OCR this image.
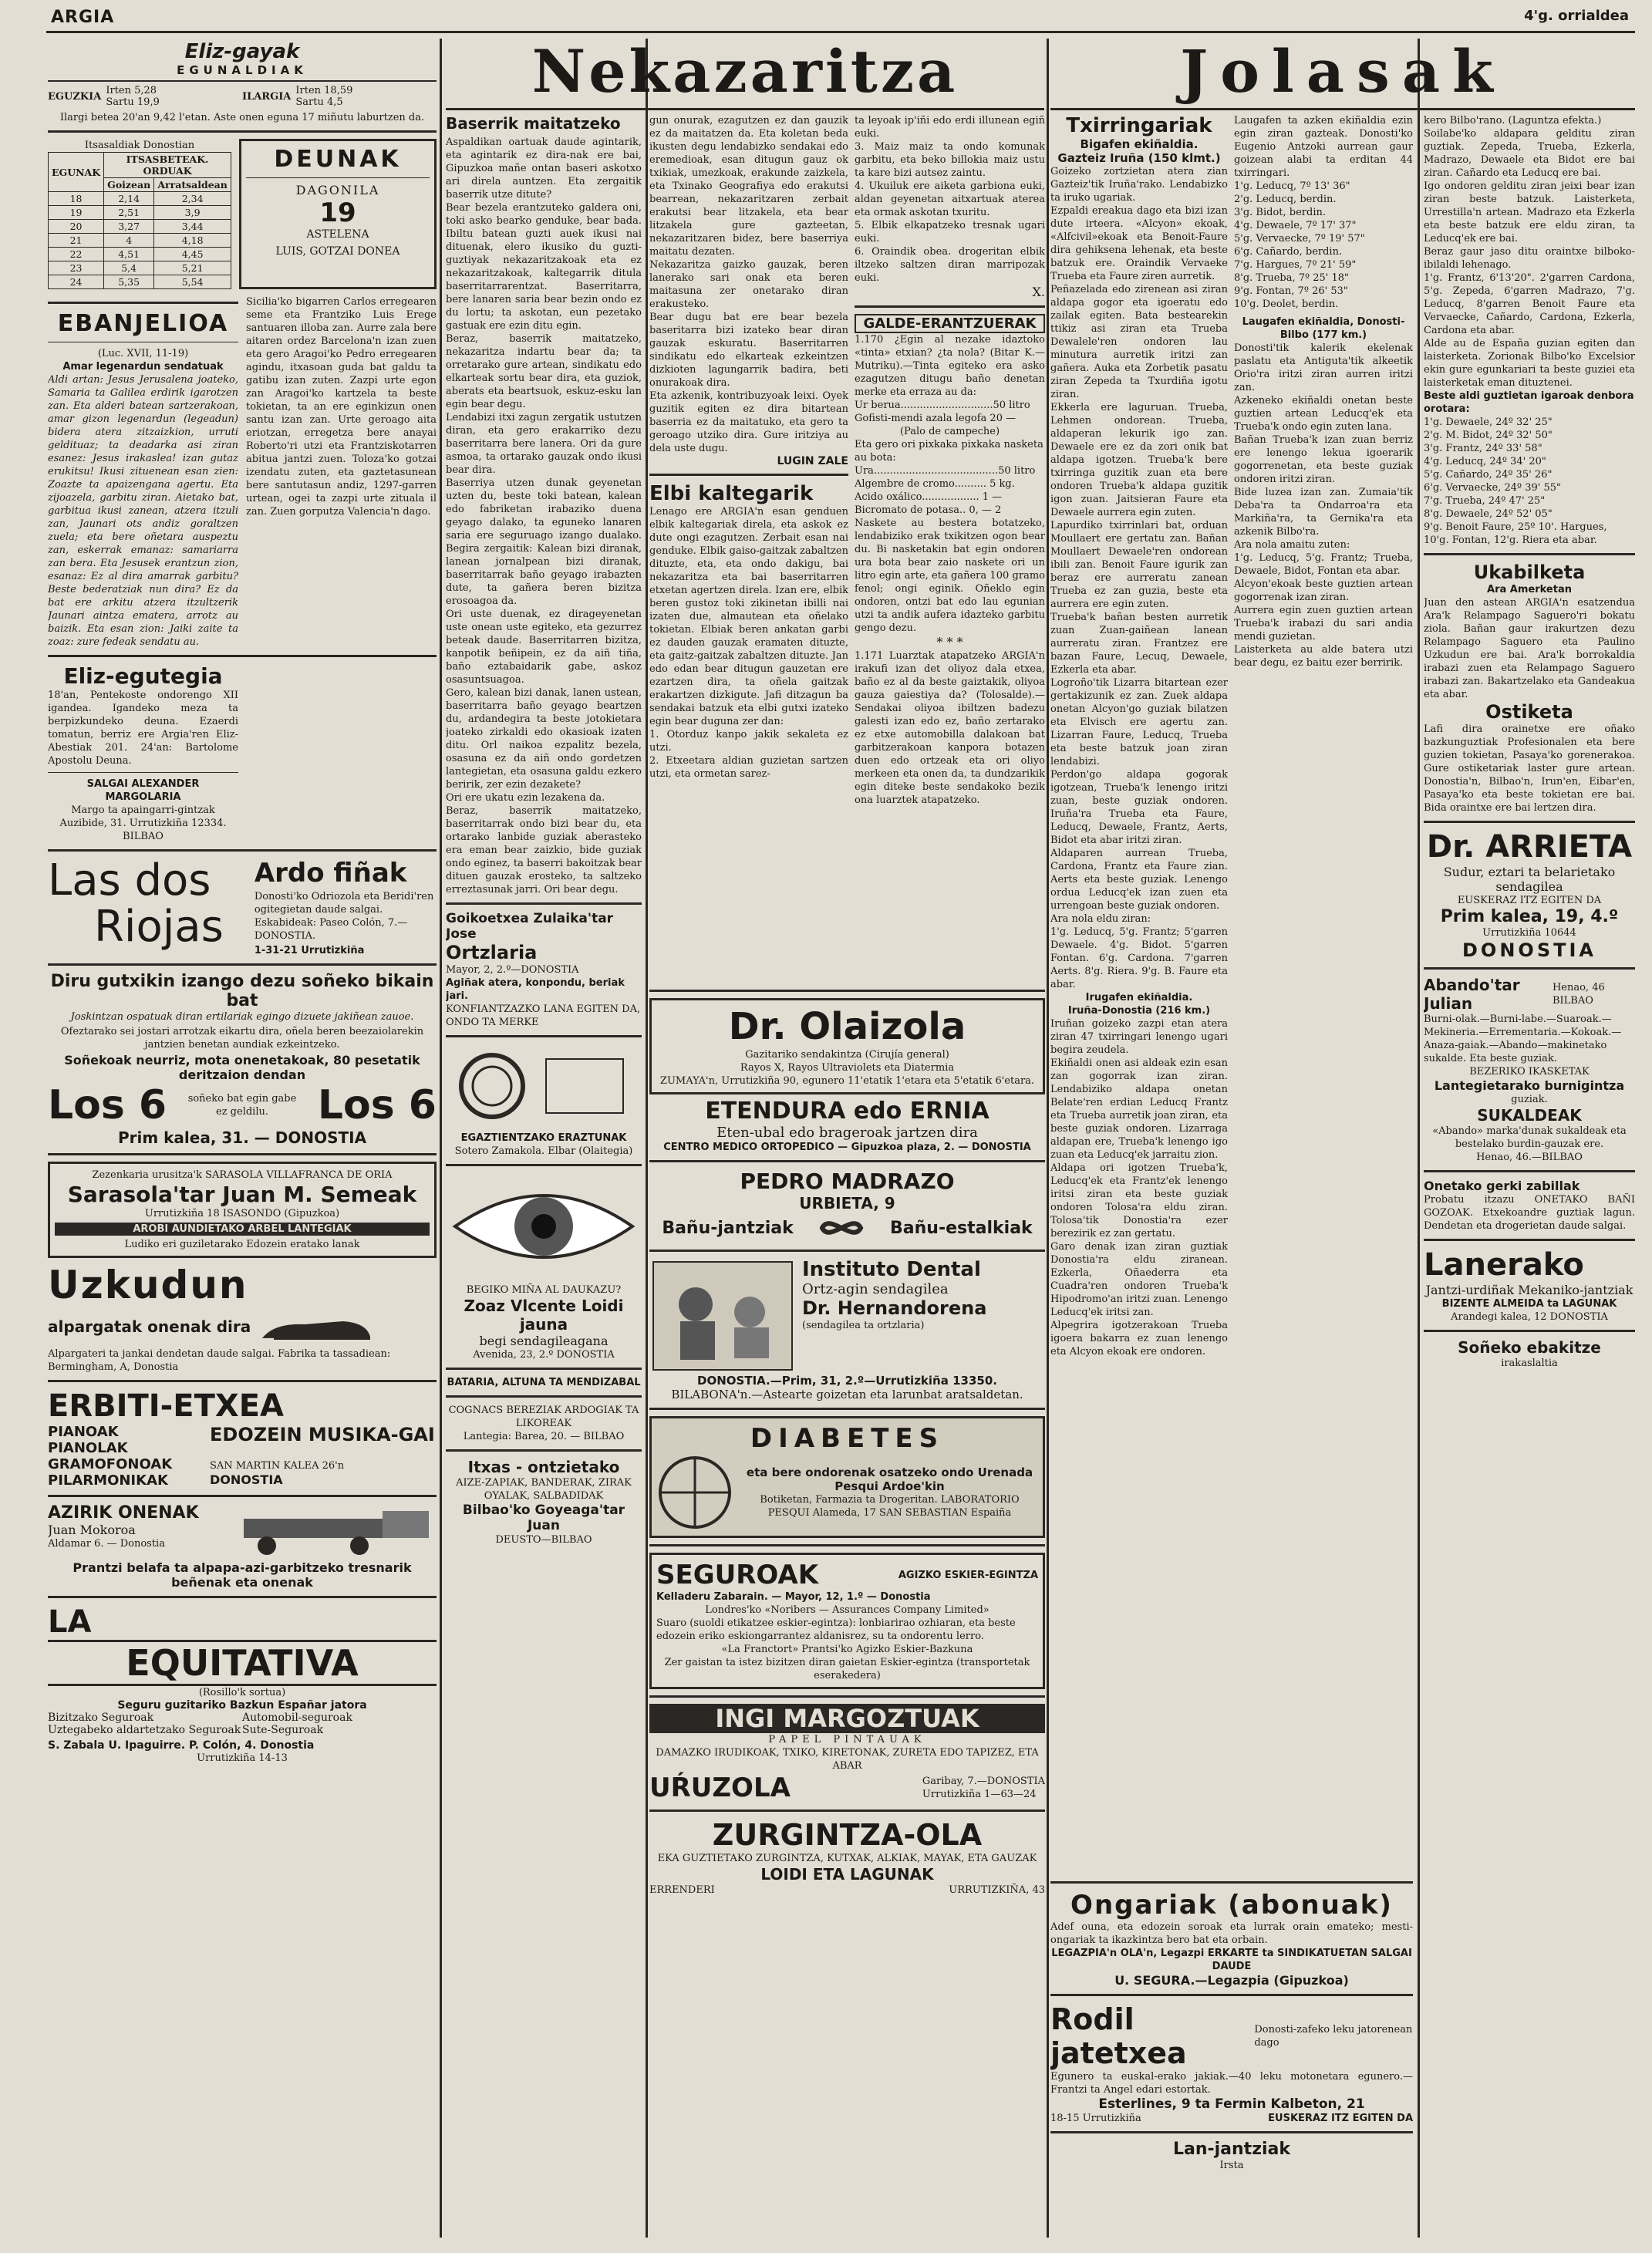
ARGIA	4'g. orrialdea
Eliz-gayak
EGUNALDIAK
EGUZKIA Irten 5,28
Sartu 19,9	ILARGIA Irten 18,59
Sartu 4,5
Ilargi betea 20'an 9,42 l'etan. Aste onen eguna 17 miñutu laburtzen da.
Itsasaldiak Donostian
EGUNAK	ITSASBETEAK. ORDUAK	
	Goizean	Arratsaldean
18	2,14	2,34
19	2,51	3,9
20	3,27	3,44
21	4	4,18
22	4,51	4,45
23	5,4	5,21
24	5,35	5,54
DEUNAK
DAGONILA
19
ASTELENA
LUIS, GOTZAI DONEA
EBANJELIOA
(Luc. XVII, 11-19)
Amar legenardun sendatuak

Aldi artan: Jesus Jerusalena joateko, Samaria ta Galilea erdirik igarotzen zan. Eta alderi batean sartzerakoan, amar gizon legenardun (legeadun) bidera atera zitzaizkion, urruti geldituaz; ta deadarka asi ziran esanez: Jesus irakaslea! izan gutaz erukitsu! Ikusi zituenean esan zien: Zoazte ta apaizengana agertu. Eta zijoazela, garbitu ziran. Aietako bat, garbitua ikusi zanean, atzera itzuli zan, Jaunari ots andiz goraltzen zuela; eta bere oñetara auspeztu zan, eskerrak emanaz: samariarra zan bera. Eta Jesusek erantzun zion, esanaz: Ez al dira amarrak garbitu? Beste bederatziak nun dira? Ez da bat ere arkitu atzera itzultzerik Jaunari aintza ematera, arrotz au baizik. Eta esan zion: Jaiki zaite ta zoaz: zure fedeak sendatu au.

Sicilia'ko bigarren Carlos erregearen seme eta Frantziko Luis Erege santuaren illoba zan. Aurre zala bere aitaren ordez Barcelona'n izan zuen eta gero Aragoi'ko Pedro erregearen agindu, itxasoan guda bat galdu ta gatibu izan zuten. Zazpi urte egon zan Aragoi'ko kartzela ta beste tokietan, ta an ere eginkizun onen santu izan zan. Urte geroago aita eriotzan, erregetza bere anayai Roberto'ri utzi eta Frantziskotarren abitua jantzi zuen. Toloza'ko gotzai izendatu zuten, eta gaztetasunean bere santutasun andiz, 1297-garren urtean, ogei ta zazpi urte zituala il zan. Zuen gorputza Valencia'n dago.

Eliz-egutegia

18'an, Pentekoste ondorengo XII igandea. Igandeko meza ta berpizkundeko deuna. Ezaerdi tomatun, berriz ere Argia'ren Eliz-Abestiak 201. 24'an: Bartolome Apostolu Deuna.

SALGAI ALEXANDER MARGOLARIA
Margo ta apaingarri-gintzak Auzibide, 31. Urrutizkiña 12334. BILBAO
Las dos
Riojas
Ardo fiñak

Donosti'ko Odriozola eta Beridi'ren ogitegietan daude salgai. Eskabideak: Paseo Colón, 7.—DONOSTIA.

1-31-21 Urrutizkiña
Diru gutxikin izango dezu soñeko bikain bat
Joskintzan ospatuak diran ertilariak egingo dizuete jakiñean zauoe.

Ofeztarako sei jostari arrotzak eikartu dira, oñela beren beezaiolarekin jantzien benetan aundiak ezkeintzeko.

Soñekoak neurriz, mota onenetakoak, 80 pesetatik deritzaion dendan
Los 6	soñeko bat egin gabe ez geldilu.	Los 6
Prim kalea, 31. — DONOSTIA
Zezenkaria urusitza'k SARASOLA VILLAFRANCA DE ORIA
Sarasola'tar Juan M. Semeak
Urrutizkiña 18 ISASONDO (Gipuzkoa)
AROBI AUNDIETAKO ARBEL LANTEGIAK
Ludiko eri guziletarako Edozein eratako lanak
Uzkudun
alpargatak onenak dira

Alpargateri ta jankai dendetan daude salgai. Fabrika ta tassadiean: Bermingham, A, Donostia

ERBITI-ETXEA
PIANOAK
PIANOLAK
GRAMOFONOAK
PILARMONIKAK
EDOZEIN MUSIKA-GAI
SAN MARTIN KALEA 26'n
DONOSTIA
AZIRIK ONENAK
Juan Mokoroa
Aldamar 6. — Donostia
Prantzi belafa ta alpapa-azi-garbitzeko tresnarik beñenak eta onenak
LA
EQUITATIVA
(Rosillo'k sortua)
Seguru guzitariko Bazkun Españar jatora
Bizitzako Seguroak	Automobil-seguroak
Uztegabeko aldartetzako Seguroak Sute-Seguroak
S. Zabala U. Ipaguirre. P. Colón, 4. Donostia
Urrutizkiña 14-13
Nekazaritza
Baserrik maitatzeko

Aspaldikan oartuak daude agintarik, eta agintarik ez dira-nak ere bai, Gipuzkoa mañe ontan baseri askotxo ari direla auntzen. Eta zergaitik baserrik utze ditute?

Bear bezela erantzuteko galdera oni, toki asko bearko genduke, bear bada. Ibiltu batean guzti auek ikusi nai dituenak, elero ikusiko du guzti-guztiyak nekazaritzakoak eta ez nekazaritzakoak, kaltegarrik ditula baserritarrarentzat. Baserritarra, bere lanaren saria bear bezin ondo ez du lortu; ta askotan, eun pezetako gastuak ere ezin ditu egin.

Beraz, baserrik maitatzeko, nekazaritza indartu bear da; ta orretarako gure artean, sindikatu edo elkarteak sortu bear dira, eta guziok, aberats eta beartsuok, eskuz-esku lan egin bear degu.

Lendabizi itxi zagun zergatik ustutzen diran, eta gero erakarriko dezu baserritarra bere lanera. Ori da gure asmoa, ta ortarako gauzak ondo ikusi bear dira.

Baserriya utzen dunak geyenetan uzten du, beste toki batean, kalean edo fabriketan irabaziko duena geyago dalako, ta eguneko lanaren saria ere seguruago izango dualako. Begira zergaitik: Kalean bizi diranak, lanean jornalpean bizi diranak, baserritarrak baño geyago irabazten dute, ta gañera beren bizitza erosoagoa da.

Ori uste duenak, ez dirageyenetan uste onean uste egiteko, eta gezurrez beteak daude. Baserritarren bizitza, kanpotik beñipein, ez da aiñ tiña, baño eztabaidarik gabe, askoz osasuntsuagoa.

Gero, kalean bizi danak, lanen ustean, baserritarra baño geyago beartzen du, ardandegira ta beste jotokietara joateko zirkaldi edo okasioak izaten ditu. Orl naikoa ezpalitz bezela, osasuna ez da aiñ ondo gordetzen lantegietan, eta osasuna galdu ezkero beririk, zer ezin dezakete?

Ori ere ukatu ezin lezakena da.

Beraz, baserrik maitatzeko, baserritarrak ondo bizi bear du, eta ortarako lanbide guziak aberasteko era eman bear zaizkio, bide guziak ondo eginez, ta baserri bakoitzak bear dituen gauzak erosteko, ta saltzeko erreztasunak jarri. Ori bear degu.

Goikoetxea Zulaika'tar Jose
Ortzlaria
Mayor, 2, 2.º—DONOSTIA
Agiñak atera, konpondu, beriak jari.
KONFIANTZAZKO LANA EGITEN DA, ONDO TA MERKE
EGAZTIENTZAKO ERAZTUNAK
Sotero Zamakola. Elbar (Olaitegia)
BEGIKO MIÑA AL DAUKAZU?
Zoaz Vlcente Loidi jauna
begi sendagileagana
Avenida, 23, 2.º DONOSTIA
BATARIA, ALTUNA TA MENDIZABAL
COGNACS BEREZIAK ARDOGIAK TA LIKOREAK
Lantegia: Barea, 20. — BILBAO
Itxas - ontzietako
AIZE-ZAPIAK, BANDERAK, ZIRAK OYALAK, SALBADIDAK
Bilbao'ko Goyeaga'tar Juan
DEUSTO—BILBAO

gun onurak, ezagutzen ez dan gauzik ez da maitatzen da. Eta koletan beda ikusten degu lendabizko sendakai edo eremedioak, esan ditugun gauz ok txikiak, umezkoak, erakunde zaizkela, eta Txinako Geografiya edo erakutsi bearrean, nekazaritzaren zerbait erakutsi bear litzakela, eta bear litzakela gure gazteetan, nekazaritzaren bidez, bere baserriya maitatu dezaten.

Nekazaritza gaizko gauzak, beren lanerako sari onak eta beren maitasuna zer onetarako diran erakusteko.

Bear dugu bat ere bear bezela baseritarra bizi izateko bear diran gauzak eskuratu. Baserritarren sindikatu edo elkarteak ezkeintzen dizkioten lagungarrik badira, beti onurakoak dira.

Eta azkenik, kontribuzyoak leixi. Oyek guzitik egiten ez dira bitartean baserria ez da maitatuko, eta gero ta geroago utziko dira. Gure iritziya au dela uste dugu.

LUGIN ZALE
Elbi kaltegarik

Lenago ere ARGIA'n esan genduen elbik kaltegariak direla, eta askok ez dute ongi ezagutzen. Zerbait esan nai genduke. Elbik gaiso-gaitzak zabaltzen dituzte, eta, eta ondo dakigu, bai nekazaritza eta bai baserritarren etxetan agertzen direla. Izan ere, elbik beren gustoz toki zikinetan ibilli nai izaten due, almautean eta oñelako tokietan. Elbiak beren ankatan garbi ez dauden gauzak eramaten dituzte, eta gaitz-gaitzak zabaltzen dituzte. Jan edo edan bear ditugun gauzetan ere ezartzen dira, ta oñela gaitzak erakartzen dizkigute. Jafi ditzagun ba sendakai batzuk eta elbi gutxi izateko egin bear duguna zer dan:

1. Otorduz kanpo jakik sekaleta ez utzi.
2. Etxeetara aldian guzietan sartzen utzi, eta ormetan sarez-

ta leyoak ip'iñi edo erdi illunean egiñ euki.

3. Maiz maiz ta ondo komunak garbitu, eta beko billokia maiz ustu ta kare bizi autsez zaintu.

4. Ukuiluk ere aiketa garbiona euki, aldan geyenetan aitxartuak aterea eta ormak askotan txuritu.

5. Elbik elkapatzeko tresnak ugari euki.

6. Oraindik obea. drogeritan elbik iltzeko saltzen diran marripozak euki.

X.
GALDE-ERANTZUERAK

1.170 ¿Egin al nezake idaztoko «tinta» etxian? ¿ta nola? (Bitar K.—Mutriku).—Tinta egiteko era asko ezagutzen ditugu baño denetan merke eta erraza au da:

Ur berua.............................50 litro
Gofisti-mendi azala legofa 20 —
(Palo de campeche)
Eta gero ori pixkaka pixkaka nasketa au bota:
Ura.......................................50 litro
Algembre de cromo.......... 5 kg.
Acido oxálico.................. 1 —
Bicromato de potasa.. 0, — 2

Naskete au bestera botatzeko, lendabiziko erak txikitzen ogon bear du. Bi nasketakin bat egin ondoren ura bota bear zaio naskete ori un litro egin arte, eta gañera 100 gramo fenol; ongi eginik. Oñeklo egin ondoren, ontzi bat edo lau egunian utzi ta andik aufera idazteko garbitu gengo dezu.

* * *

1.171 Luarztak atapatzeko ARGIA'n irakufi izan det oliyoz dala etxea, baño ez al da beste gaiztakik, oliyoa gauza gaiestiya da? (Tolosalde).—Sendakai oliyoa ibiltzen badezu galesti izan edo ez, baño zertarako ez etxe automobilla dalakoan bat garbitzerakoan kanpora botazen duen edo ortzeak eta ori oliyo merkeen eta onen da, ta dundzarikik egin diteke beste sendakoko bezik ona luarztek atapatzeko.

Dr. Olaizola
Gazitariko sendakintza (Cirujía general)
Rayos X, Rayos Ultraviolets eta Diatermia
ZUMAYA'n, Urrutizkiña 90, egunero 11'etatik 1'etara eta 5'etatik 6'etara.
ETENDURA edo ERNIA
Eten-ubal edo brageroak jartzen dira
CENTRO MEDICO ORTOPEDICO — Gipuzkoa plaza, 2. — DONOSTIA
PEDRO MADRAZO
URBIETA, 9
Bañu-jantziak	Bañu-estalkiak
Instituto Dental
Ortz-agin sendagilea
Dr. Hernandorena
(sendagilea ta ortzlaria)
DONOSTIA.—Prim, 31, 2.º—Urrutizkiña 13350.
BILABONA'n.—Astearte goizetan eta larunbat aratsaldetan.
DIABETES
eta bere ondorenak osatzeko ondo Urenada Pesqui Ardoe'kin
Botiketan, Farmazia ta Drogeritan. LABORATORIO PESQUI Alameda, 17 SAN SEBASTIAN Espaiña
SEGUROAK	AGIZKO ESKIER-EGINTZA
Kelladeru Zabarain. — Mayor, 12, 1.º — Donostia
Londres'ko «Noribers — Assurances Company Limited»
Suaro (suoldi etikatzee eskier-egintza): lonbiarirao ozhiaran, eta beste edozein eriko eskiongarrantez aldanisrez, su ta ondorentu lerro.
«La Franctort» Prantsi'ko Agizko Eskier-Bazkuna
Zer gaistan ta istez bizitzen diran gaietan Eskier-egintza (transportetak eserakedera)
INGI MARGOZTUAK
PAPEL PINTAUAK
DAMAZKO IRUDIKOAK, TXIKO, KIRETONAK, ZURETA EDO TAPIZEZ, ETA ABAR
UŔUZOLA	Garibay, 7.—DONOSTIA
Urrutizkiña 1—63—24
ZURGINTZA-OLA
EKA GUZTIETAKO ZURGINTZA, KUTXAK, ALKIAK, MAYAK, ETA GAUZAK
LOIDI ETA LAGUNAK
ERRENDERI	URRUTIZKIÑA, 43
Jolasak
Txirringariak
Bigafen ekiñaldia.
Gazteiz Iruña (150 klmt.)

Goizeko zortzietan atera zian Gazteiz'tik Iruña'rako. Lendabizko ta iruko ugariak.

Ezpaldi ereakua dago eta bizi izan dute irteera. «Alcyon» ekoak, «Alfcivil»ekoak eta Benoit-Faure dira gehiksena lehenak, eta beste batzuk ere. Oraindik Vervaeke Trueba eta Faure ziren aurretik.

Peñazelada edo zirenean asi ziran aldapa gogor eta igoeratu edo zailak egiten. Bata bestearekin ttikiz asi ziran eta Trueba Dewalele'ren ondoren lau minutura aurretik iritzi zan gañera. Auka eta Zorbetik pasatu ziran Zepeda ta Txurdiña igotu ziran.

Ekkerla ere laguruan. Trueba, Lehmen ondorean. Trueba, aldaperan lekurik igo zan. Dewaele ere ez da zori onik bat aldapa igotzen. Trueba'k bere txirringa guzitik zuan eta bere ondoren Trueba'k aldapa guzitik igon zuan. Jaitsieran Faure eta Dewaele aurrera egin zuten.

Lapurdiko txirrinlari bat, orduan Moullaert ere gertatu zan. Bañan Moullaert Dewaele'ren ondorean ibili zan. Benoit Faure igurik zan beraz ere aurreratu zanean Trueba ez zan guzia, beste eta aurrera ere egin zuten.

Trueba'k bañan besten aurretik zuan Zuan-gaiñean lanean aurreratu ziran. Frantzez ere bazan Faure, Lecuq, Dewaele, Ezkerla eta abar.

Logroño'tik Lizarra bitartean ezer gertakizunik ez zan. Zuek aldapa onetan Alcyon'go guziak bilatzen eta Elvisch ere agertu zan. Lizarran Faure, Leducq, Trueba eta beste batzuk joan ziran lendabizi.

Perdon'go aldapa gogorak igotzean, Trueba'k lenengo iritzi zuan, beste guziak ondoren. Iruña'ra Trueba eta Faure, Leducq, Dewaele, Frantz, Aerts, Bidot eta abar iritzi ziran.

Aldaparen aurrean Trueba, Cardona, Frantz eta Faure zian. Aerts eta beste guziak. Lenengo ordua Leducq'ek izan zuen eta urrengoan beste guziak ondoren.

Ara nola eldu ziran:

1'g. Leducq, 5'g. Frantz; 5'garren Dewaele. 4'g. Bidot. 5'garren Fontan. 6'g. Cardona. 7'garren Aerts. 8'g. Riera. 9'g. B. Faure eta abar.

Irugafen ekiñaldia.
Iruña-Donostia (216 km.)

Iruñan goizeko zazpi etan atera ziran 47 txirringari lenengo ugari begira zeudela.

Ekiñaldi onen asi aldeak ezin esan zan gogorrak izan ziran. Lendabiziko aldapa onetan Belate'ren erdian Leducq Frantz eta Trueba aurretik joan ziran, eta beste guziak ondoren. Lizarraga aldapan ere, Trueba'k lenengo igo zuan eta Leducq'ek jarraitu zion.

Aldapa ori igotzen Trueba'k, Leducq'ek eta Frantz'ek lenengo iritsi ziran eta beste guziak ondoren Tolosa'ra eldu ziran. Tolosa'tik Donostia'ra ezer berezirik ez zan gertatu.

Garo denak izan ziran guztiak Donostia'ra eldu ziranean. Ezkerla, Oñaederra eta Cuadra'ren ondoren Trueba'k Hipodromo'an iritzi zuan. Lenengo Leducq'ek iritsi zan.

Alpegrira igotzerakoan Trueba igoera bakarra ez zuan lenengo eta Alcyon ekoak ere ondoren.

Laugafen ta azken ekiñaldia ezin egin ziran gazteak. Donosti'ko Eugenio Antzoki aurrean gaur goizean alabi ta erditan 44 txirringari.

1'g. Leducq, 7º 13' 36"
2'g. Leducq, berdin.
3'g. Bidot, berdin.
4'g. Dewaele, 7º 17' 37"
5'g. Vervaecke, 7º 19' 57"
6'g. Cañardo, berdin.
7'g. Hargues, 7º 21' 59"
8'g. Trueba, 7º 25' 18"
9'g. Fontan, 7º 26' 53"
10'g. Deolet, berdin.
Laugafen ekiñaldia, Donosti-Bilbo (177 km.)

Donosti'tik kalerik ekelenak paslatu eta Antiguta'tik alkeetik Orio'ra iritzi ziran aurren iritzi zan.

Azkeneko ekiñaldi onetan beste guztien artean Leducq'ek eta Trueba'k ondo egin zuten lana.

Bañan Trueba'k izan zuan berriz ere lenengo lekua igoerarik gogorrenetan, eta beste guziak ondoren iritzi ziran.

Bide luzea izan zan. Zumaia'tik Deba'ra ta Ondarroa'ra eta Markiña'ra, ta Gernika'ra eta azkenik Bilbo'ra.

Ara nola amaitu zuten:

1'g. Leducq, 5'g. Frantz; Trueba, Dewaele, Bidot, Fontan eta abar.

Alcyon'ekoak beste guztien artean gogorrenak izan ziran.

Aurrera egin zuen guztien artean Trueba'k irabazi du sari andia mendi guzietan.

Laisterketa au alde batera utzi bear degu, ez baitu ezer berririk.

kero Bilbo'rano. (Laguntza efekta.)

Soilabe'ko aldapara gelditu ziran guztiak. Zepeda, Trueba, Ezkerla, Madrazo, Dewaele eta Bidot ere bai ziran. Cañardo eta Leducq ere bai.

Igo ondoren gelditu ziran jeixi bear izan ziran beste batzuk. Laisterketa, Urrestilla'n artean. Madrazo eta Ezkerla eta beste batzuk ere eldu ziran, ta Leducq'ek ere bai.

Beraz gaur jaso ditu oraintxe bilboko-ibilaldi lehenago.

1'g. Frantz, 6'13'20". 2'garren Cardona, 5'g. Zepeda, 6'garren Madrazo, 7'g. Leducq, 8'garren Benoit Faure eta Vervaecke, Cañardo, Cardona, Ezkerla, Cardona eta abar.

Alde au de España guzian egiten dan laisterketa. Zorionak Bilbo'ko Excelsior ekin gure egunkariari ta beste guziei eta laisterketak eman dituztenei.

Beste aldi guztietan igaroak denbora orotara:
1'g. Dewaele, 24º 32' 25"
2'g. M. Bidot, 24º 32' 50"
3'g. Frantz, 24º 33' 58"
4'g. Leducq, 24º 34' 20"
5'g. Cañardo, 24º 35' 26"
6'g. Vervaecke, 24º 39' 55"
7'g. Trueba, 24º 47' 25"
8'g. Dewaele, 24º 52' 05"
9'g. Benoit Faure, 25º 10'. Hargues, 10'g. Fontan, 12'g. Riera eta abar.
Ukabilketa
Ara Amerketan

Juan den astean ARGIA'n esatzendua Ara'k Relampago Saguero'ri bokatu ziola. Bañan gaur irakurtzen dezu Relampago Saguero eta Paulino Uzkudun ere bai. Ara'k borrokaldia irabazi zuen eta Relampago Saguero irabazi zan. Bakartzelako eta Gandeakua eta abar.

Ostiketa

Lafi dira orainetxe ere oñako bazkunguztiak Profesionalen eta bere guzien tokietan, Pasaya'ko gorenerakoa. Gure ostiketariak laster gure artean. Donostia'n, Bilbao'n, Irun'en, Eibar'en, Pasaya'ko eta beste tokietan ere bai. Bida oraintxe ere bai lertzen dira.

Dr. ARRIETA
Sudur, eztari ta belarietako sendagilea
EUSKERAZ ITZ EGITEN DA
Prim kalea, 19, 4.º
Urrutizkiña 10644
DONOSTIA
Abando'tar Julian
Henao, 46 BILBAO

Burni-olak.—Burni-labe.—Suaroak.—Mekineria.—Errementaria.—Kokoak.—Anaza-gaiak.—Abando—makinetako sukalde. Eta beste guziak.

BEZERIKO IKASKETAK
Lantegietarako burnigintza
guziak.
SUKALDEAK
«Abando» marka'dunak sukaldeak eta bestelako burdin-gauzak ere.
Henao, 46.—BILBAO
Onetako gerki zabillak

Probatu itzazu ONETAKO BAÑI GOZOAK. Etxekoandre guztiak lagun. Dendetan eta drogerietan daude salgai.

Lanerako
Jantzi-urdiñak Mekaniko-jantziak
BIZENTE ALMEIDA ta LAGUNAK
Arandegi kalea, 12 DONOSTIA
Soñeko ebakitze
irakaslaltia
Ongariak (abonuak)

Adef ouna, eta edozein soroak eta lurrak orain emateko; mesti-ongariak ta ikazkintza bero bat eta orbain.

LEGAZPIA'n OLA'n, Legazpi ERKARTE ta SINDIKATUETAN SALGAI DAUDE
U. SEGURA.—Legazpia (Gipuzkoa)
Rodil jatetxea
Donosti-zafeko leku jatorenean dago

Egunero ta euskal-erako jakiak.—40 leku motonetara egunero.—Frantzi ta Angel edari estortak.

Esterlines, 9 ta Fermin Kalbeton, 21
18-15 Urrutizkiña	EUSKERAZ ITZ EGITEN DA
Lan-jantziak
Irsta
